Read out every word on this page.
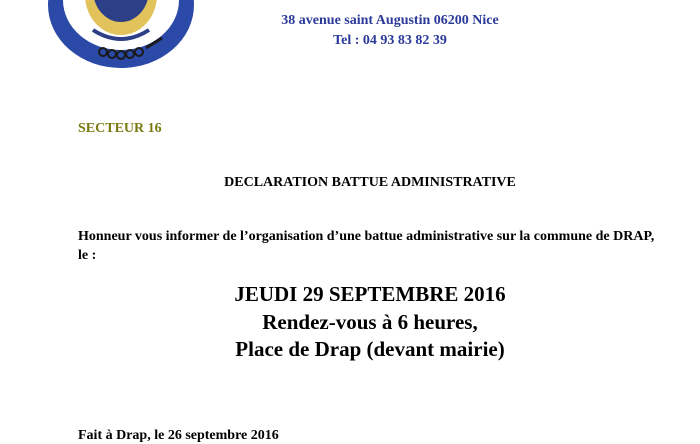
38 avenue saint Augustin 06200 Nice
Tel : 04 93 83 82 39
SECTEUR 16
DECLARATION BATTUE ADMINISTRATIVE
Honneur vous informer de l’organisation d’une battue administrative sur la commune de DRAP, le :
JEUDI 29 SEPTEMBRE 2016
Rendez-vous à 6 heures,
Place de Drap (devant mairie)
Fait à Drap, le 26 septembre 2016
